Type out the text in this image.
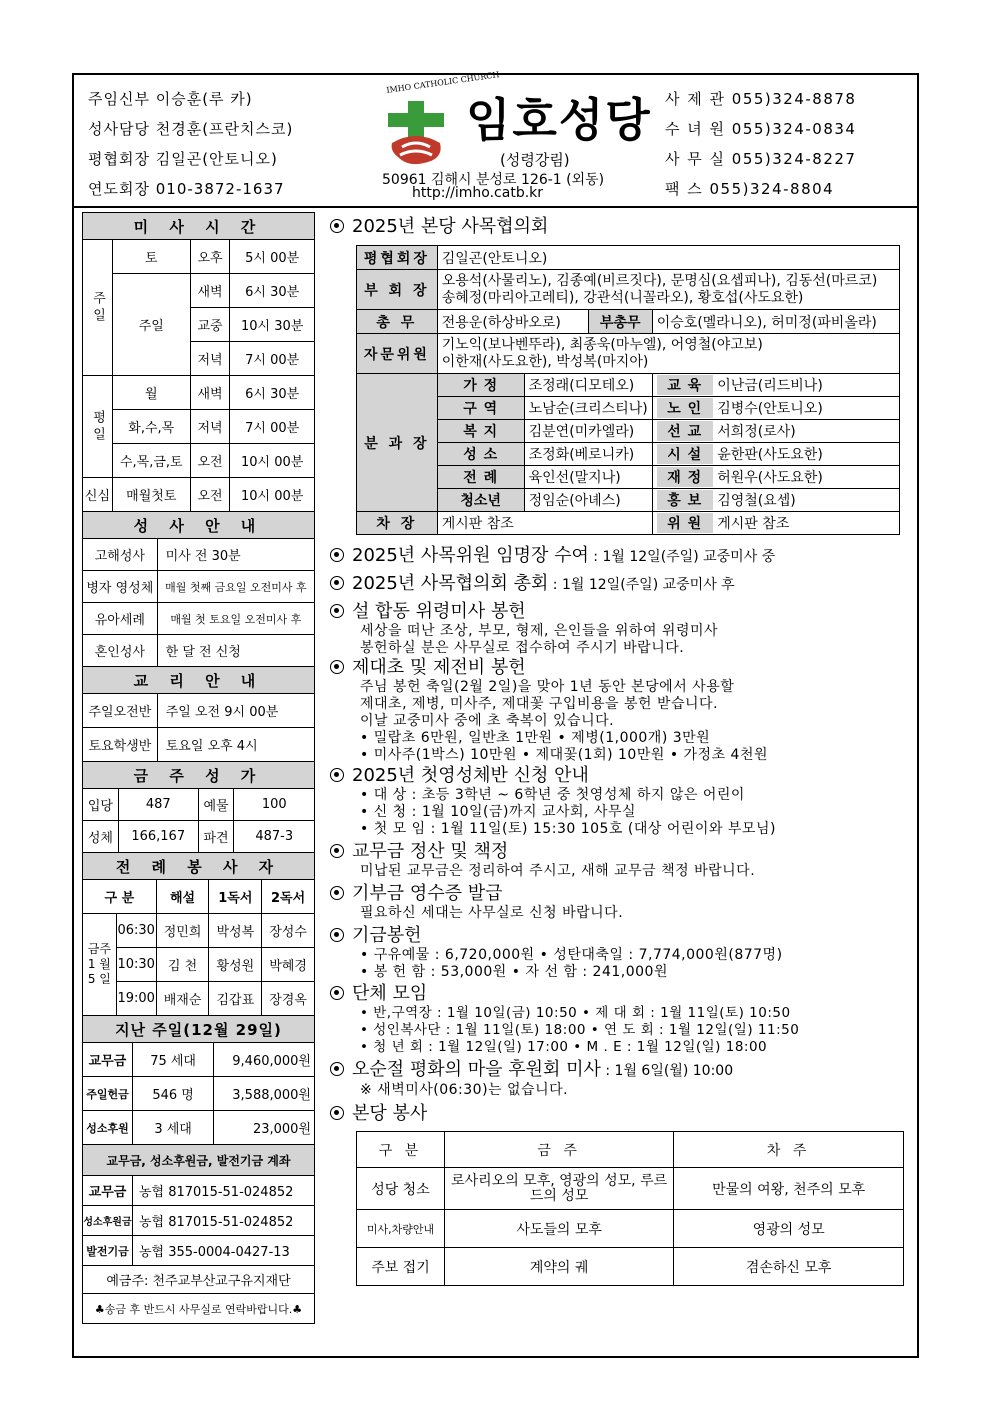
주임신부 이승훈(루 카)
성사담당 천경훈(프란치스코)
평협회장 김일곤(안토니오)
연도회장 010-3872-1637
IMHO CATHOLIC CHURCH
임호성당
(성령강림)
50961 김해시 분성로 126-1 (외동)
http://imho.catb.kr
사 제 관 055)324-8878
수 녀 원 055)324-0834
사 무 실 055)324-8227
팩 스 055)324-8804
미 사 시 간			
주일	토	오후	5시 00분
	주일	새벽	6시 30분
		교중	10시 30분
		저녁	7시 00분
평일	월	새벽	6시 30분
	화,수,목	저녁	7시 00분
	수,목,금,토	오전	10시 00분
신심	매월첫토	오전	10시 00분
성 사 안 내	
고해성사	미사 전 30분
병자 영성체	매월 첫째 금요일 오전미사 후
유아세례	매월 첫 토요일 오전미사 후
혼인성사	한 달 전 신청
교 리 안 내	
주일오전반	주일 오전 9시 00분
토요학생반	토요일 오후 4시
금 주 성 가			
입당	487	예물	100
성체	166,167	파견	487-3
전 례 봉 사 자				
구 분		해설	1독서	2독서
금주 1 월 5 일	06:30	정민희	박성복	장성수
	10:30	김 천	황성원	박혜경
	19:00	배재순	김갑표	장경옥
지난 주일(12월 29일)		
교무금	75 세대	9,460,000원
주일헌금	546 명	3,588,000원
성소후원	3 세대	23,000원
교무금, 성소후원금, 발전기금 계좌	
교무금	농협 817015-51-024852
성소후원금	농협 817015-51-024852
발전기금	농협 355-0004-0427-13
예금주: 천주교부산교구유지재단	
♣송금 후 반드시 사무실로 연락바랍니다.♣	
2025년 본당 사목협의회
평협회장	김일곤(안토니오)			
부 회 장	오용석(사물리노), 김종예(비르짓다), 문명심(요셉피나), 김동선(마르코)
송혜정(마리아고레티), 강관석(니꼴라오), 황호섭(사도요한)			

총 무	전용운(하상바오로)		부총무	이승호(멜라니오), 허미정(파비올라)
자문위원	기노익(보나벤뚜라), 최종욱(마누엘), 어영철(야고보)
이한재(사도요한), 박성복(마지아)			

분 과 장	가 정	조정래(디모테오)		교 육 이난금(리드비나)
	구 역	노남순(크리스티나)		노 인 김병수(안토니오)
	복 지	김분연(미카엘라)		선 교 서희정(로사)
	성 소	조정화(베로니카)		시 설 윤한판(사도요한)
	전 례	육인선(말지나)		재 정 허원우(사도요한)
	청소년	정임순(아녜스)		홍 보 김영철(요셉)
차 장	게시판 참조			위 원 게시판 참조
2025년 사목위원 임명장 수여 : 1월 12일(주일) 교중미사 중
2025년 사목협의회 총회 : 1월 12일(주일) 교중미사 후
설 합동 위령미사 봉헌
세상을 떠난 조상, 부모, 형제, 은인들을 위하여 위령미사
봉헌하실 분은 사무실로 접수하여 주시기 바랍니다.
제대초 및 제전비 봉헌
주님 봉헌 축일(2월 2일)을 맞아 1년 동안 본당에서 사용할
제대초, 제병, 미사주, 제대꽃 구입비용을 봉헌 받습니다.
이날 교중미사 중에 초 축복이 있습니다.
• 밀랍초 6만원, 일반초 1만원 • 제병(1,000개) 3만원
• 미사주(1박스) 10만원 • 제대꽃(1회) 10만원 • 가정초 4천원
2025년 첫영성체반 신청 안내
• 대 상 : 초등 3학년 ~ 6학년 중 첫영성체 하지 않은 어린이
• 신 청 : 1월 10일(금)까지 교사회, 사무실
• 첫 모 임 : 1월 11일(토) 15:30 105호 (대상 어린이와 부모님)
교무금 정산 및 책정
미납된 교무금은 정리하여 주시고, 새해 교무금 책정 바랍니다.
기부금 영수증 발급
필요하신 세대는 사무실로 신청 바랍니다.
기금봉헌
• 구유예물 : 6,720,000원 • 성탄대축일 : 7,774,000원(877명)
• 봉 헌 함 : 53,000원 • 자 선 함 : 241,000원
단체 모임
• 반,구역장 : 1월 10일(금) 10:50 • 제 대 회 : 1월 11일(토) 10:50
• 성인복사단 : 1월 11일(토) 18:00 • 연 도 회 : 1월 12일(일) 11:50
• 청 년 회 : 1월 12일(일) 17:00 • M . E : 1월 12일(일) 18:00
오순절 평화의 마을 후원회 미사 : 1월 6일(월) 10:00
※ 새벽미사(06:30)는 없습니다.
본당 봉사
구 분	금 주	차 주
성당 청소	로사리오의 모후, 영광의 성모, 루르드의 성모	만물의 여왕, 천주의 모후
미사,차량안내	사도들의 모후	영광의 성모
주보 접기	계약의 궤	겸손하신 모후
